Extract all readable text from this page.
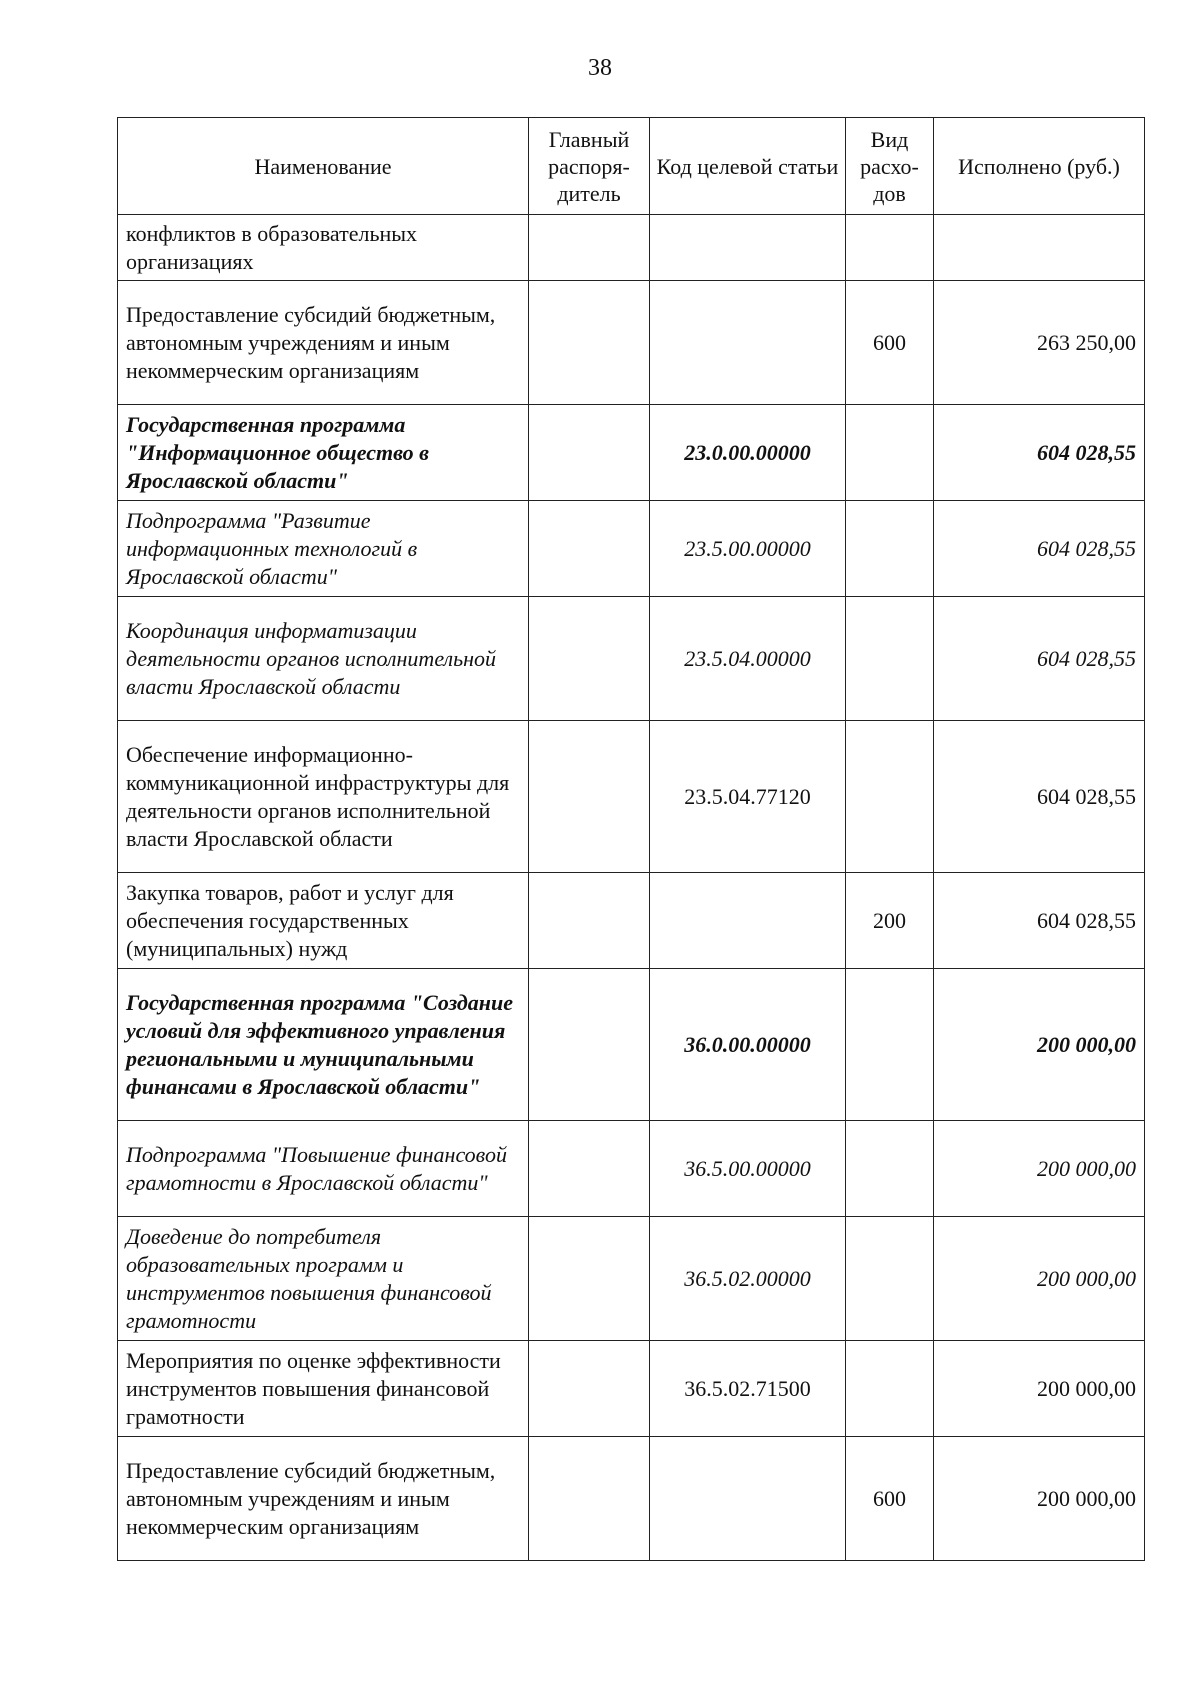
38
Наименование	Главный распоря-дитель	Код целевой статьи	Вид расхо-дов	Исполнено (руб.)
конфликтов в образовательных организациях				
Предоставление субсидий бюджетным, автономным учреждениям и иным некоммерческим организациям			600	263 250,00
Государственная программа "Информационное общество в Ярославской области"		23.0.00.00000		604 028,55
Подпрограмма "Развитие информационных технологий в Ярославской области"		23.5.00.00000		604 028,55
Координация информатизации деятельности органов исполнительной власти Ярославской области		23.5.04.00000		604 028,55
Обеспечение информационно-коммуникационной инфраструктуры для деятельности органов исполнительной власти Ярославской области		23.5.04.77120		604 028,55
Закупка товаров, работ и услуг для обеспечения государственных (муниципальных) нужд			200	604 028,55
Государственная программа "Создание условий для эффективного управления региональными и муниципальными финансами в Ярославской области"		36.0.00.00000		200 000,00
Подпрограмма "Повышение финансовой грамотности в Ярославской области"		36.5.00.00000		200 000,00
Доведение до потребителя образовательных программ и инструментов повышения финансовой грамотности		36.5.02.00000		200 000,00
Мероприятия по оценке эффективности инструментов повышения финансовой грамотности		36.5.02.71500		200 000,00
Предоставление субсидий бюджетным, автономным учреждениям и иным некоммерческим организациям			600	200 000,00
